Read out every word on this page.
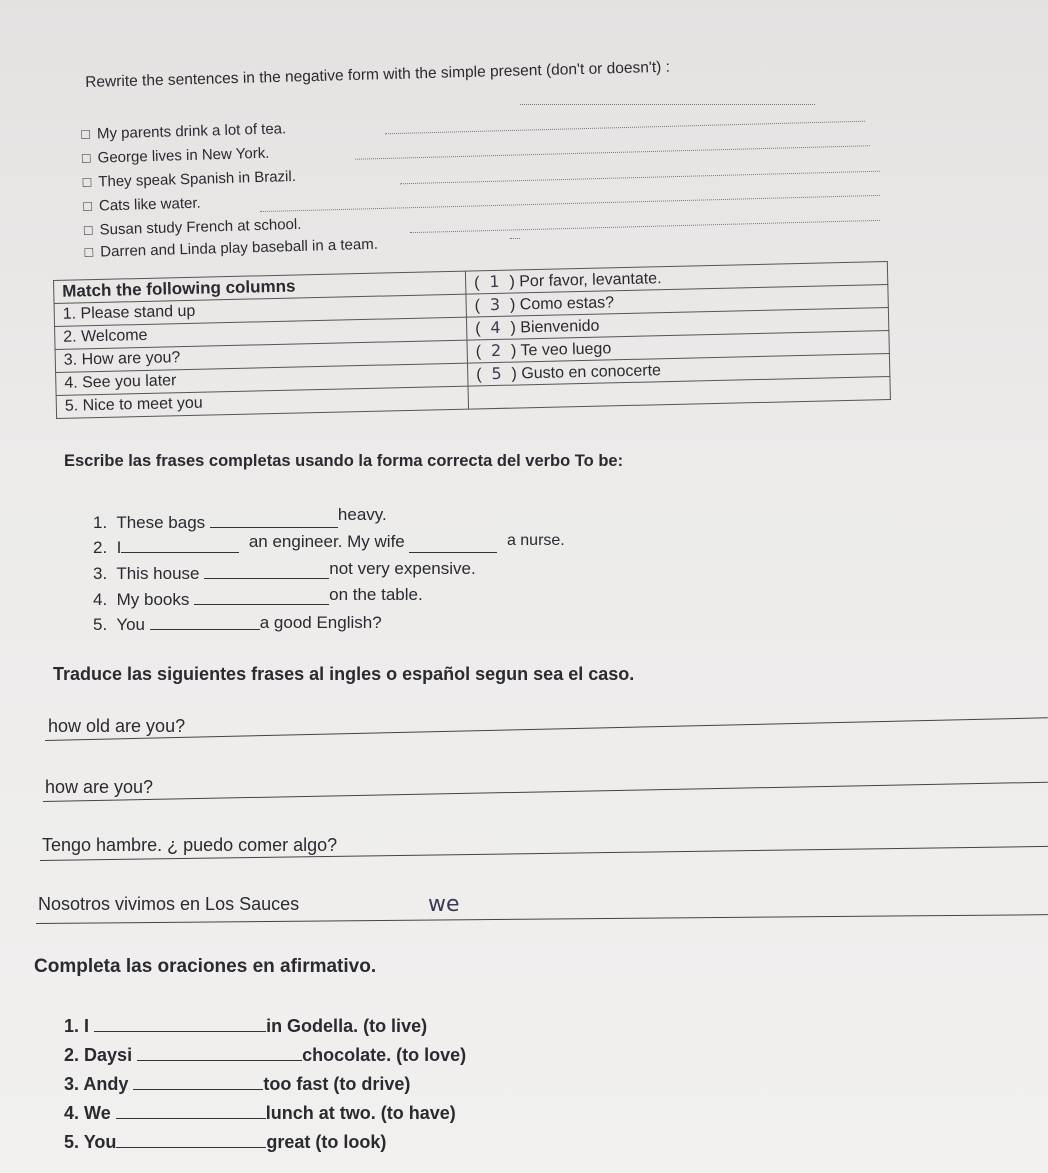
Rewrite the sentences in the negative form with the simple present (don't or doesn't) :
☐ My parents drink a lot of tea.
☐ George lives in New York.
☐ They speak Spanish in Brazil.
☐ Cats like water.
☐ Susan study French at school.
☐ Darren and Linda play baseball in a team.
Match the following columns	( 1 ) Por favor, levantate.
1. Please stand up	( 3 ) Como estas?
2. Welcome	( 4 ) Bienvenido
3. How are you?	( 2 ) Te veo luego
4. See you later	( 5 ) Gusto en conocerte
5. Nice to meet you	
Escribe las frases completas usando la forma correcta del verbo To be:
1. These bags	heavy.
2. I	an engineer. My wife	a nurse.
3. This house	not very expensive.
4. My books	on the table.
5. You	a good English?
Traduce las siguientes frases al ingles o español segun sea el caso.
how old are you?
how are you?
Tengo hambre. ¿ puedo comer algo?
Nosotros vivimos en Los Sauces	we
Completa las oraciones en afirmativo.
1. I	in Godella. (to live)
2. Daysi	chocolate. (to love)
3. Andy	too fast (to drive)
4. We	lunch at two. (to have)
5. You	great (to look)
